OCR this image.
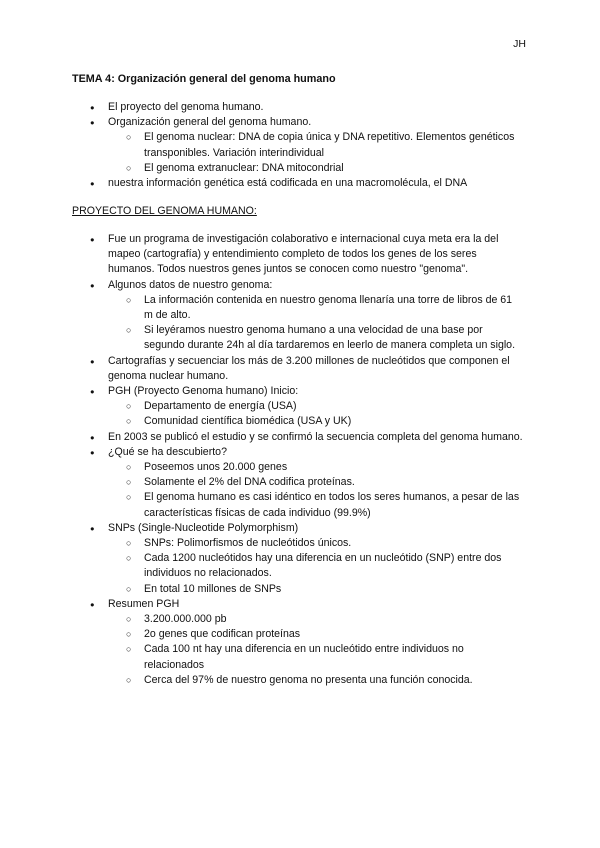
JH
TEMA 4: Organización general del genoma humano
● El proyecto del genoma humano.
● Organización general del genoma humano.
○ El genoma nuclear: DNA de copia única y DNA repetitivo. Elementos genéticos transponibles. Variación interindividual
○ El genoma extranuclear: DNA mitocondrial
● nuestra información genética está codificada en una macromolécula, el DNA
PROYECTO DEL GENOMA HUMANO:
● Fue un programa de investigación colaborativo e internacional cuya meta era la del mapeo (cartografía) y entendimiento completo de todos los genes de los seres humanos. Todos nuestros genes juntos se conocen como nuestro "genoma".
● Algunos datos de nuestro genoma:
○ La información contenida en nuestro genoma llenaría una torre de libros de 61 m de alto.
○ Si leyéramos nuestro genoma humano a una velocidad de una base por segundo durante 24h al día tardaremos en leerlo de manera completa un siglo.
● Cartografías y secuenciar los más de 3.200 millones de nucleótidos que componen el genoma nuclear humano.
● PGH (Proyecto Genoma humano) Inicio:
○ Departamento de energía (USA)
○ Comunidad científica biomédica (USA y UK)
● En 2003 se publicó el estudio y se confirmó la secuencia completa del genoma humano.
● ¿Qué se ha descubierto?
○ Poseemos unos 20.000 genes
○ Solamente el 2% del DNA codifica proteínas.
○ El genoma humano es casi idéntico en todos los seres humanos, a pesar de las características físicas de cada individuo (99.9%)
● SNPs (Single-Nucleotide Polymorphism)
○ SNPs: Polimorfismos de nucleótidos únicos.
○ Cada 1200 nucleótidos hay una diferencia en un nucleótido (SNP) entre dos individuos no relacionados.
○ En total 10 millones de SNPs
● Resumen PGH
○ 3.200.000.000 pb
○ 2o genes que codifican proteínas
○ Cada 100 nt hay una diferencia en un nucleótido entre individuos no relacionados
○ Cerca del 97% de nuestro genoma no presenta una función conocida.
